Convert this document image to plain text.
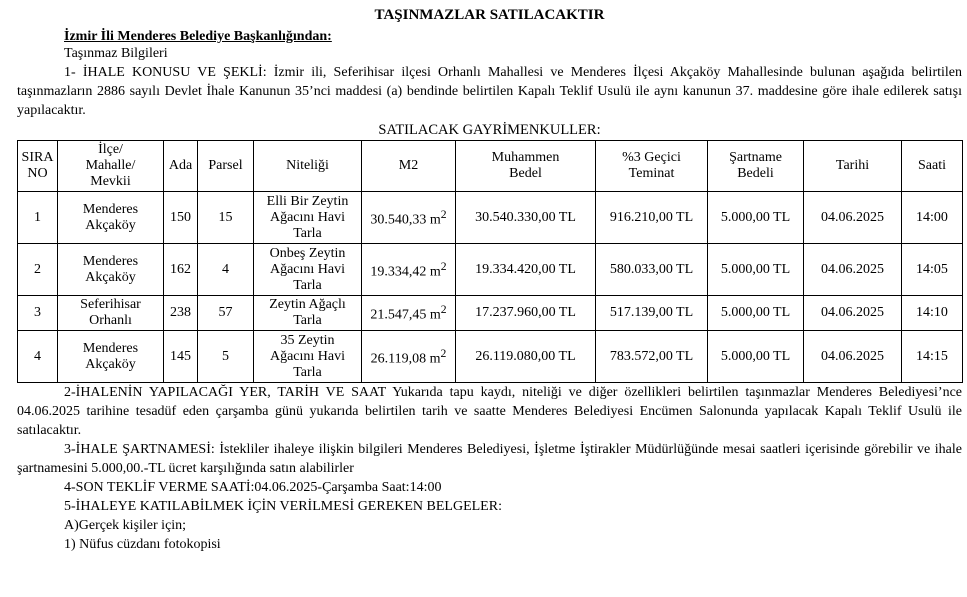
TAŞINMAZLAR SATILACAKTIR
İzmir İli Menderes Belediye Başkanlığından:
Taşınmaz Bilgileri

1- İHALE KONUSU VE ŞEKLİ: İzmir ili, Seferihisar ilçesi Orhanlı Mahallesi ve Menderes İlçesi Akçaköy Mahallesinde bulunan aşağıda belirtilen taşınmazların 2886 sayılı Devlet İhale Kanunun 35’nci maddesi (a) bendinde belirtilen Kapalı Teklif Usulü ile aynı kanunun 37. maddesine göre ihale edilerek satışı yapılacaktır.

SATILACAK GAYRİMENKULLER:
SIRA
NO	İlçe/
Mahalle/
Mevkii	Ada	Parsel	Niteliği	M2	Muhammen
Bedel	%3 Geçici
Teminat	Şartname
Bedeli	Tarihi	Saati
1	Menderes
Akçaköy	150	15	Elli Bir Zeytin
Ağacını Havi
Tarla	30.540,33 $m^2$	30.540.330,00 TL	916.210,00 TL	5.000,00 TL	04.06.2025	14:00
2	Menderes
Akçaköy	162	4	Onbeş Zeytin
Ağacını Havi
Tarla	19.334,42 $m^2$	19.334.420,00 TL	580.033,00 TL	5.000,00 TL	04.06.2025	14:05
3	Seferihisar
Orhanlı	238	57	Zeytin Ağaçlı
Tarla	21.547,45 $m^2$	17.237.960,00 TL	517.139,00 TL	5.000,00 TL	04.06.2025	14:10
4	Menderes
Akçaköy	145	5	35 Zeytin
Ağacını Havi
Tarla	26.119,08 $m^2$	26.119.080,00 TL	783.572,00 TL	5.000,00 TL	04.06.2025	14:15

2-İHALENİN YAPILACAĞI YER, TARİH VE SAAT Yukarıda tapu kaydı, niteliği ve diğer özellikleri belirtilen taşınmazlar Menderes Belediyesi’nce 04.06.2025 tarihine tesadüf eden çarşamba günü yukarıda belirtilen tarih ve saatte Menderes Belediyesi Encümen Salonunda yapılacak Kapalı Teklif Usulü ile satılacaktır.

3-İHALE ŞARTNAMESİ: İstekliler ihaleye ilişkin bilgileri Menderes Belediyesi, İşletme İştirakler Müdürlüğünde mesai saatleri içerisinde görebilir ve ihale şartnamesini 5.000,00.-TL ücret karşılığında satın alabilirler

4-SON TEKLİF VERME SAATİ:04.06.2025-Çarşamba Saat:14:00
5-İHALEYE KATILABİLMEK İÇİN VERİLMESİ GEREKEN BELGELER:
A)Gerçek kişiler için;
1) Nüfus cüzdanı fotokopisi
